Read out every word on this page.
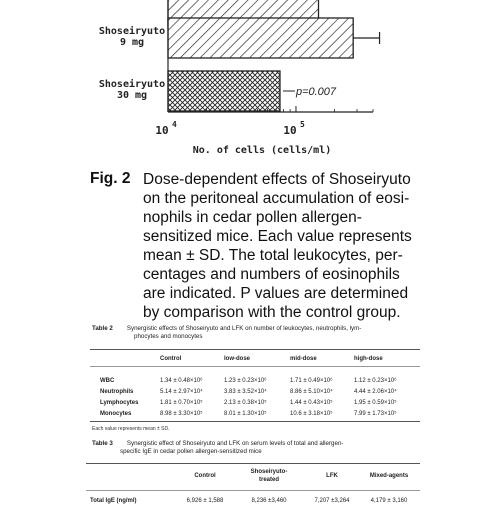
p=0.007
Shoseiryuto
9 mg
Shoseiryuto
30 mg
10 4	10 5
No. of cells (cells/ml)
Fig. 2 Dose-dependent effects of Shoseiryuto
on the peritoneal accumulation of eosi-
nophils in cedar pollen allergen-
sensitized mice. Each value represents
mean ± SD. The total leukocytes, per-
centages and numbers of eosinophils
are indicated. P values are determined
by comparison with the control group.
Table 2 Synergistic effects of Shoseiryuto and LFK on number of leukocytes, neutrophils, lym-
phocytes and monocytes
	Control	low-dose	mid-dose	high-dose

WBC	1.34 ± 0.48×10⁶	1.23 ± 0.23×10⁶	1.71 ± 0.49×10⁶	1.12 ± 0.23×10⁶
Neutrophils	5.14 ± 2.97×10⁴	3.83 ± 3.52×10⁴	8.86 ± 5.10×10⁴	4.44 ± 2.06×10⁴
Lymphocytes	1.81 ± 0.70×10⁵	2.13 ± 0.38×10⁵	1.44 ± 0.43×10⁵	1.95 ± 0.59×10⁵
Monocytes	8.98 ± 3.30×10⁵	8.01 ± 1.30×10⁵	10.6 ± 3.18×10⁵	7.99 ± 1.73×10⁵
Each value represents mean ± SD.
Table 3 Synergistic effect of Shoseiryuto and LFK on serum levels of total and allergen-
specific IgE in cedar pollen allergen-sensitized mice
	Control	Shoseiryuto-
treated	LFK	Mixed-agents

Total IgE (ng/ml)	6,926 ± 1,588	8,236 ±3,460	7,207 ±3,264	4,179 ± 3,160
